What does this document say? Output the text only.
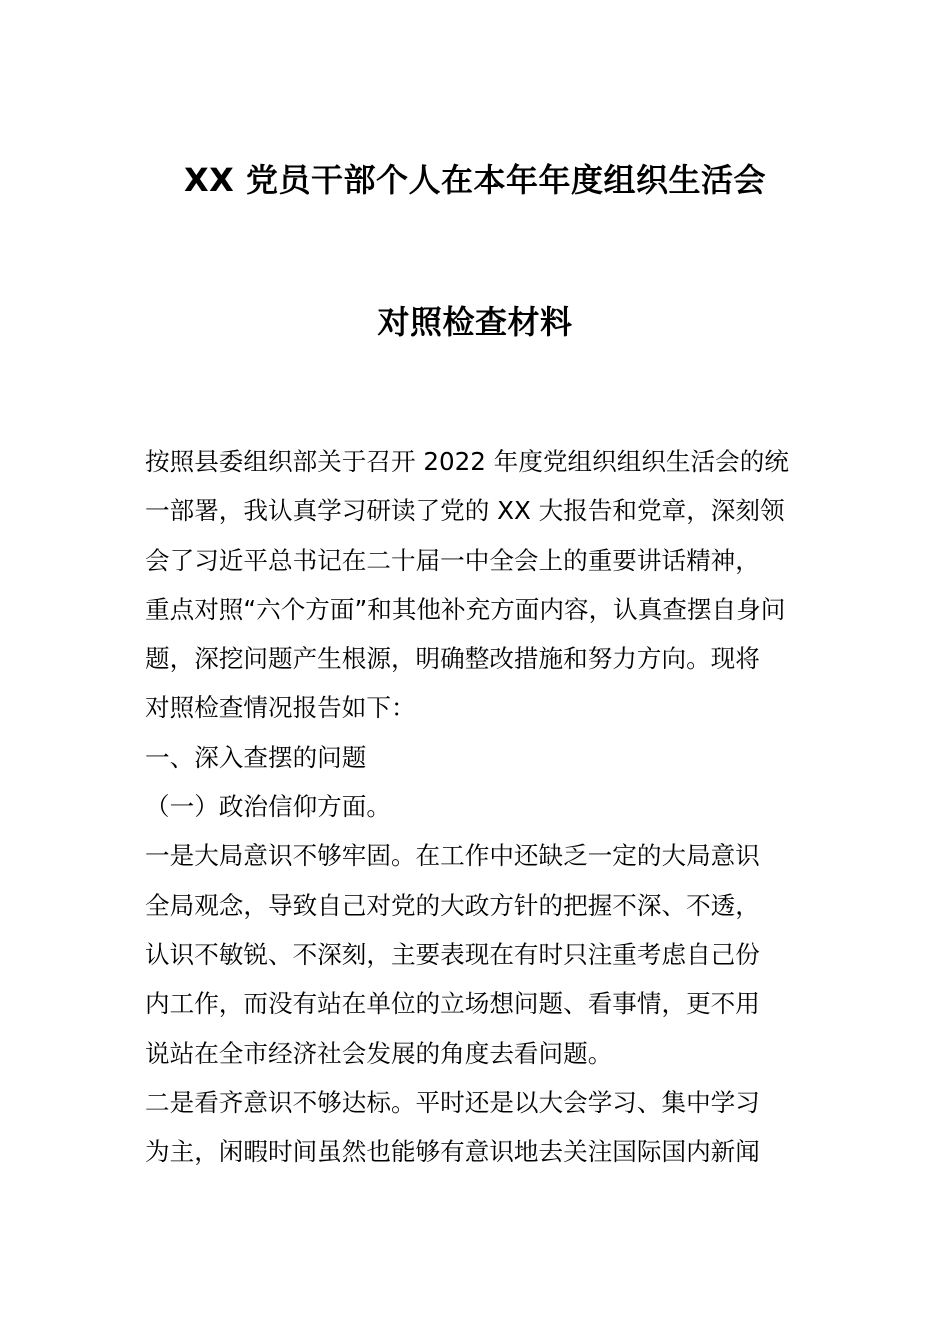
XX 党员干部个人在本年年度组织生活会
对照检查材料
按照县委组织部关于召开 2022 年度党组织组织生活会的统
一部署，我认真学习研读了党的 XX 大报告和党章，深刻领
会了习近平总书记在二十届一中全会上的重要讲话精神，
重点对照“六个方面”和其他补充方面内容，认真查摆自身问
题，深挖问题产生根源，明确整改措施和努力方向。现将
对照检查情况报告如下：
一、深入查摆的问题
（一）政治信仰方面。
一是大局意识不够牢固。在工作中还缺乏一定的大局意识
全局观念，导致自己对党的大政方针的把握不深、不透，
认识不敏锐、不深刻，主要表现在有时只注重考虑自己份
内工作，而没有站在单位的立场想问题、看事情，更不用
说站在全市经济社会发展的角度去看问题。
二是看齐意识不够达标。平时还是以大会学习、集中学习
为主，闲暇时间虽然也能够有意识地去关注国际国内新闻
